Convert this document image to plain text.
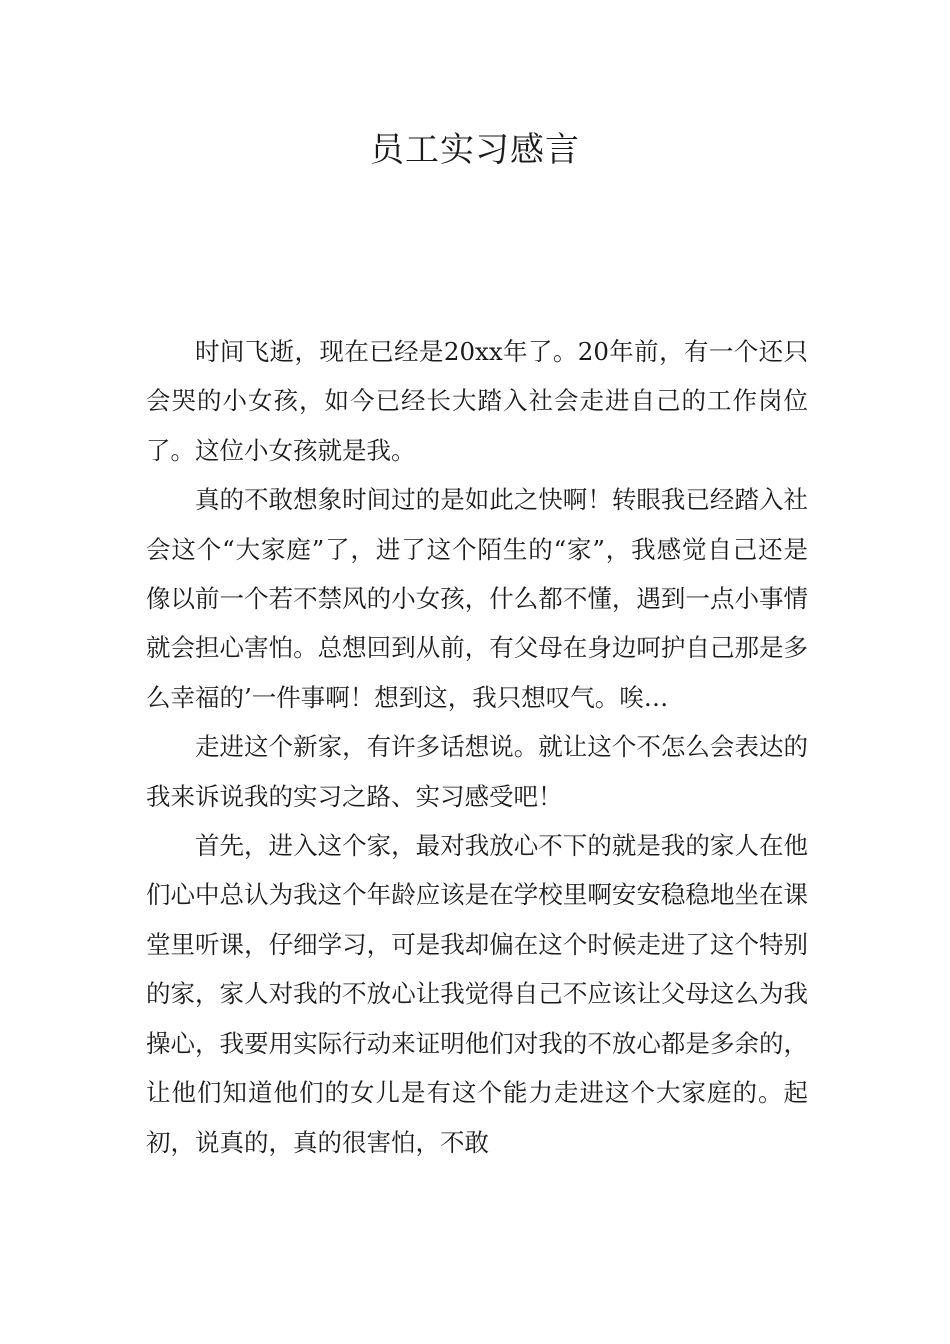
员工实习感言

时间飞逝，现在已经是20xx年了。20年前，有一个还只会哭的小女孩，如今已经长大踏入社会走进自己的工作岗位了。这位小女孩就是我。

真的不敢想象时间过的是如此之快啊！转眼我已经踏入社会这个“大家庭”了，进了这个陌生的“家”，我感觉自己还是像以前一个若不禁风的小女孩，什么都不懂，遇到一点小事情就会担心害怕。总想回到从前，有父母在身边呵护自己那是多么幸福的’一件事啊！想到这，我只想叹气。唉…

走进这个新家，有许多话想说。就让这个不怎么会表达的我来诉说我的实习之路、实习感受吧！

首先，进入这个家，最对我放心不下的就是我的家人在他们心中总认为我这个年龄应该是在学校里啊安安稳稳地坐在课堂里听课，仔细学习，可是我却偏在这个时候走进了这个特别的家，家人对我的不放心让我觉得自己不应该让父母这么为我操心，我要用实际行动来证明他们对我的不放心都是多余的，让他们知道他们的女儿是有这个能力走进这个大家庭的。起初，说真的，真的很害怕，不敢
